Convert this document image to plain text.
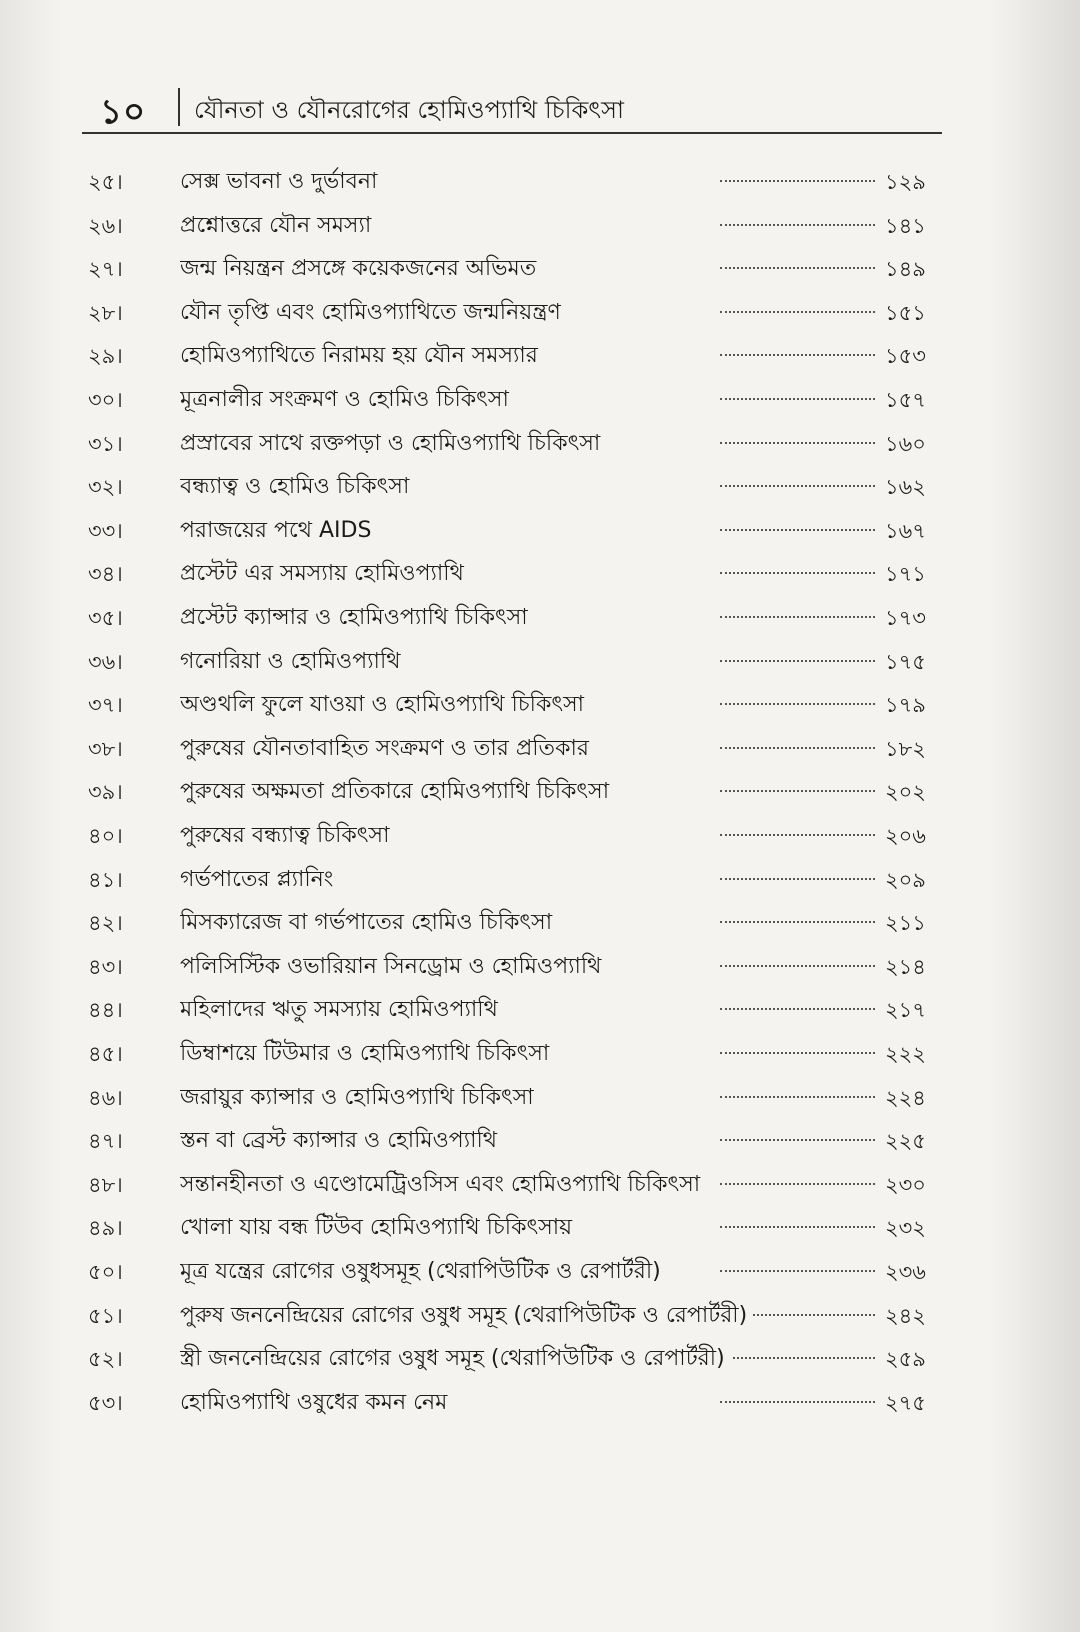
১০ যৌনতা ও যৌনরোগের হোমিওপ্যাথি চিকিৎসা
২৫।	সেক্স ভাবনা ও দুর্ভাবনা	১২৯
২৬।	প্রশ্নোত্তরে যৌন সমস্যা	১৪১
২৭।	জন্ম নিয়ন্ত্রন প্রসঙ্গে কয়েকজনের অভিমত	১৪৯
২৮।	যৌন তৃপ্তি এবং হোমিওপ্যাথিতে জন্মনিয়ন্ত্রণ	১৫১
২৯।	হোমিওপ্যাথিতে নিরাময় হয় যৌন সমস্যার	১৫৩
৩০।	মূত্রনালীর সংক্রমণ ও হোমিও চিকিৎসা	১৫৭
৩১।	প্রস্রাবের সাথে রক্তপড়া ও হোমিওপ্যাথি চিকিৎসা	১৬০
৩২।	বন্ধ্যাত্ব ও হোমিও চিকিৎসা	১৬২
৩৩।	পরাজয়ের পথে AIDS	১৬৭
৩৪।	প্রস্টেট এর সমস্যায় হোমিওপ্যাথি	১৭১
৩৫।	প্রস্টেট ক্যান্সার ও হোমিওপ্যাথি চিকিৎসা	১৭৩
৩৬।	গনোরিয়া ও হোমিওপ্যাথি	১৭৫
৩৭।	অণ্ডথলি ফুলে যাওয়া ও হোমিওপ্যাথি চিকিৎসা	১৭৯
৩৮।	পুরুষের যৌনতাবাহিত সংক্রমণ ও তার প্রতিকার	১৮২
৩৯।	পুরুষের অক্ষমতা প্রতিকারে হোমিওপ্যাথি চিকিৎসা	২০২
৪০।	পুরুষের বন্ধ্যাত্ব চিকিৎসা	২০৬
৪১।	গর্ভপাতের প্ল্যানিং	২০৯
৪২।	মিসক্যারেজ বা গর্ভপাতের হোমিও চিকিৎসা	২১১
৪৩।	পলিসিস্টিক ওভারিয়ান সিনড্রোম ও হোমিওপ্যাথি	২১৪
৪৪।	মহিলাদের ঋতু সমস্যায় হোমিওপ্যাথি	২১৭
৪৫।	ডিম্বাশয়ে টিউমার ও হোমিওপ্যাথি চিকিৎসা	২২২
৪৬।	জরায়ুর ক্যান্সার ও হোমিওপ্যাথি চিকিৎসা	২২৪
৪৭।	স্তন বা ব্রেস্ট ক্যান্সার ও হোমিওপ্যাথি	২২৫
৪৮।	সন্তানহীনতা ও এণ্ডোমেট্রিওসিস এবং হোমিওপ্যাথি চিকিৎসা	২৩০
৪৯।	খোলা যায় বন্ধ টিউব হোমিওপ্যাথি চিকিৎসায়	২৩২
৫০।	মূত্র যন্ত্রের রোগের ওষুধসমূহ (থেরাপিউটিক ও রেপার্টরী)	২৩৬
৫১।	পুরুষ জননেন্দ্রিয়ের রোগের ওষুধ সমূহ (থেরাপিউটিক ও রেপার্টরী)	২৪২
৫২।	স্ত্রী জননেন্দ্রিয়ের রোগের ওষুধ সমূহ (থেরাপিউটিক ও রেপার্টরী)	২৫৯
৫৩।	হোমিওপ্যাথি ওষুধের কমন নেম	২৭৫
